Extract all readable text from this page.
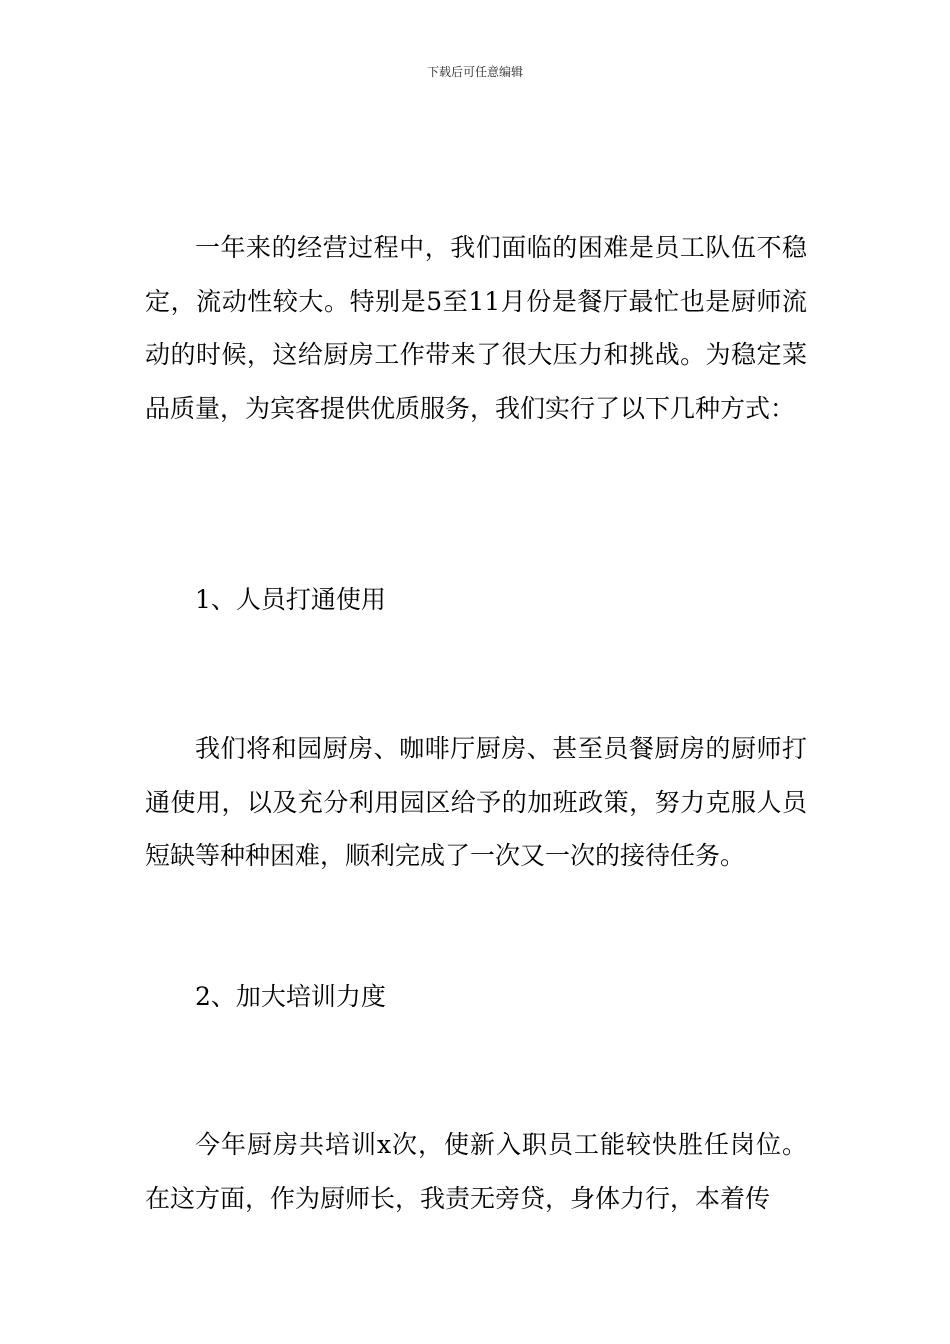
下载后可任意编辑

一年来的经营过程中，我们面临的困难是员工队伍不稳定，流动性较大。特别是5至11月份是餐厅最忙也是厨师流动的时候，这给厨房工作带来了很大压力和挑战。为稳定菜品质量，为宾客提供优质服务，我们实行了以下几种方式：

1、人员打通使用

我们将和园厨房、咖啡厅厨房、甚至员餐厨房的厨师打通使用，以及充分利用园区给予的加班政策，努力克服人员短缺等种种困难，顺利完成了一次又一次的接待任务。

2、加大培训力度

今年厨房共培训x次，使新入职员工能较快胜任岗位。在这方面，作为厨师长，我责无旁贷，身体力行，本着传
